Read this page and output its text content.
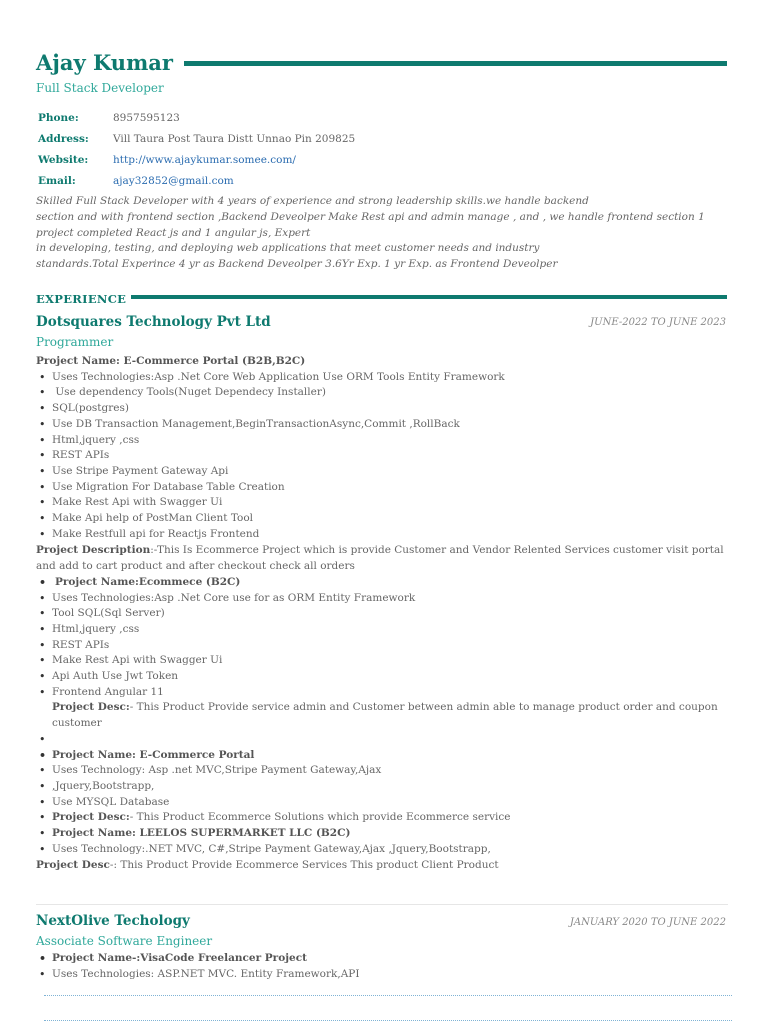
Ajay Kumar
Full Stack Developer
Phone:	8957595123
Address:	Vill Taura Post Taura Distt Unnao Pin 209825
Website:	http://www.ajaykumar.somee.com/
Email:	ajay32852@gmail.com
Skilled Full Stack Developer with 4 years of experience and strong leadership skills.we handle backend
section and with frontend section ,Backend Deveolper Make Rest api and admin manage , and , we handle frontend section 1
project completed React js and 1 angular js, Expert
in developing, testing, and deploying web applications that meet customer needs and industry
standards.Total Experince 4 yr as Backend Deveolper 3.6Yr Exp. 1 yr Exp. as Frontend Deveolper
EXPERIENCE
Dotsquares Technology Pvt Ltd	JUNE-2022 TO JUNE 2023
Programmer
Project Name: E-Commerce Portal (B2B,B2C)
• Uses Technologies:Asp .Net Core Web Application Use ORM Tools Entity Framework
•  Use dependency Tools(Nuget Dependecy Installer)
• SQL(postgres)
• Use DB Transaction Management,BeginTransactionAsync,Commit ,RollBack
• Html,jquery ,css
• REST APIs
• Use Stripe Payment Gateway Api
• Use Migration For Database Table Creation
• Make Rest Api with Swagger Ui
• Make Api help of PostMan Client Tool
• Make Restfull api for Reactjs Frontend
Project Description:-This Is Ecommerce Project which is provide Customer and Vendor Relented Services customer visit portal and add to cart product and after checkout check all orders
• Project Name:Ecommece (B2C)
• Uses Technologies:Asp .Net Core use for as ORM Entity Framework
• Tool SQL(Sql Server)
• Html,jquery ,css
• REST APIs
• Make Rest Api with Swagger Ui
• Api Auth Use Jwt Token
• Frontend Angular 11
Project Desc:- This Product Provide service admin and Customer between admin able to manage product order and coupon customer
•
• Project Name: E-Commerce Portal
• Uses Technology: Asp .net MVC,Stripe Payment Gateway,Ajax
• ,Jquery,Bootstrapp,
• Use MYSQL Database
• Project Desc:- This Product Ecommerce Solutions which provide Ecommerce service
• Project Name: LEELOS SUPERMARKET LLC (B2C)
• Uses Technology:.NET MVC, C#,Stripe Payment Gateway,Ajax ,Jquery,Bootstrapp,
Project Desc-: This Product Provide Ecommerce Services This product Client Product
NextOlive Techology	JANUARY 2020 TO JUNE 2022
Associate Software Engineer
• Project Name-:VisaCode Freelancer Project
• Uses Technologies: ASP.NET MVC. Entity Framework,API
